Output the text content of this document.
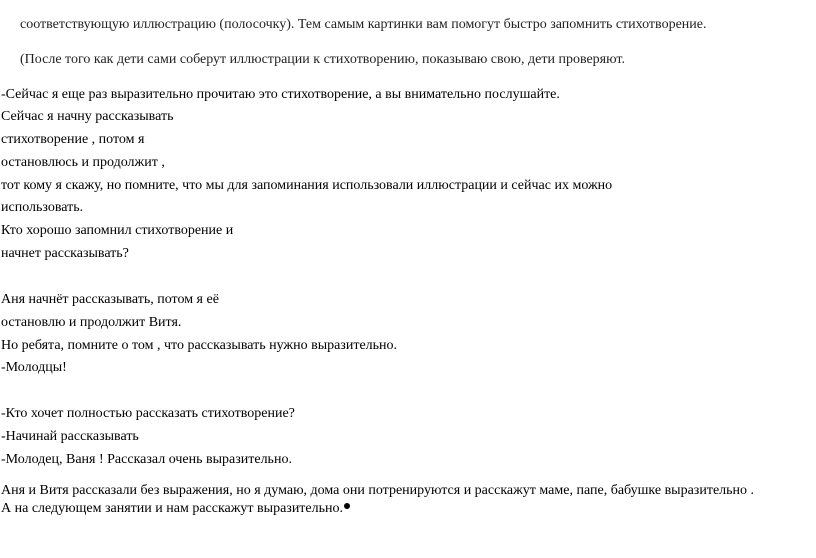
соответствующую иллюстрацию (полосочку). Тем самым картинки вам помогут быстро запомнить стихотворение.
(После того как дети сами соберут иллюстрации к стихотворению, показываю свою, дети проверяют.
-Сейчас я еще раз выразительно прочитаю это стихотворение, а вы внимательно послушайте.
Сейчас я начну рассказывать
стихотворение , потом я
остановлюсь и продолжит ,
тот кому я скажу, но помните, что мы для запоминания использовали иллюстрации и сейчас их можно
использовать.
Кто хорошо запомнил стихотворение и
начнет рассказывать?
Аня начнёт рассказывать, потом я её
остановлю и продолжит Витя.
Но ребята, помните о том , что рассказывать нужно выразительно.
-Молодцы!
-Кто хочет полностью рассказать стихотворение?
-Начинай рассказывать
-Молодец, Ваня ! Рассказал очень выразительно.
Аня и Витя рассказали без выражения, но я думаю, дома они потренируются и расскажут маме, папе, бабушке выразительно .
А на следующем занятии и нам расскажут выразительно.
